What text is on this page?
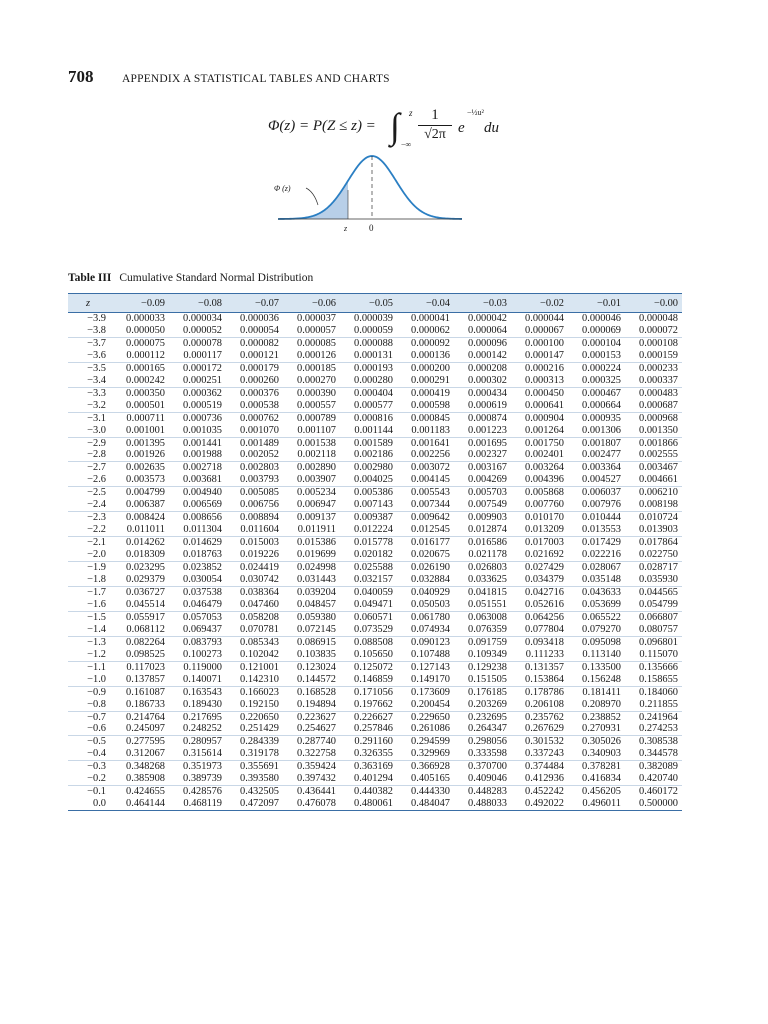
708	APPENDIX A STATISTICAL TABLES AND CHARTS
Φ(z) = P(Z ≤ z) = ∫ z
−∞
1
√2π e
−½u²
du
Φ (z)
z 0
Table III Cumulative Standard Normal Distribution
z	−0.09	−0.08	−0.07	−0.06	−0.05	−0.04	−0.03	−0.02	−0.01	−0.00
−3.9	0.000033	0.000034	0.000036	0.000037	0.000039	0.000041	0.000042	0.000044	0.000046	0.000048
−3.8	0.000050	0.000052	0.000054	0.000057	0.000059	0.000062	0.000064	0.000067	0.000069	0.000072
−3.7	0.000075	0.000078	0.000082	0.000085	0.000088	0.000092	0.000096	0.000100	0.000104	0.000108
−3.6	0.000112	0.000117	0.000121	0.000126	0.000131	0.000136	0.000142	0.000147	0.000153	0.000159
−3.5	0.000165	0.000172	0.000179	0.000185	0.000193	0.000200	0.000208	0.000216	0.000224	0.000233
−3.4	0.000242	0.000251	0.000260	0.000270	0.000280	0.000291	0.000302	0.000313	0.000325	0.000337
−3.3	0.000350	0.000362	0.000376	0.000390	0.000404	0.000419	0.000434	0.000450	0.000467	0.000483
−3.2	0.000501	0.000519	0.000538	0.000557	0.000577	0.000598	0.000619	0.000641	0.000664	0.000687
−3.1	0.000711	0.000736	0.000762	0.000789	0.000816	0.000845	0.000874	0.000904	0.000935	0.000968
−3.0	0.001001	0.001035	0.001070	0.001107	0.001144	0.001183	0.001223	0.001264	0.001306	0.001350
−2.9	0.001395	0.001441	0.001489	0.001538	0.001589	0.001641	0.001695	0.001750	0.001807	0.001866
−2.8	0.001926	0.001988	0.002052	0.002118	0.002186	0.002256	0.002327	0.002401	0.002477	0.002555
−2.7	0.002635	0.002718	0.002803	0.002890	0.002980	0.003072	0.003167	0.003264	0.003364	0.003467
−2.6	0.003573	0.003681	0.003793	0.003907	0.004025	0.004145	0.004269	0.004396	0.004527	0.004661
−2.5	0.004799	0.004940	0.005085	0.005234	0.005386	0.005543	0.005703	0.005868	0.006037	0.006210
−2.4	0.006387	0.006569	0.006756	0.006947	0.007143	0.007344	0.007549	0.007760	0.007976	0.008198
−2.3	0.008424	0.008656	0.008894	0.009137	0.009387	0.009642	0.009903	0.010170	0.010444	0.010724
−2.2	0.011011	0.011304	0.011604	0.011911	0.012224	0.012545	0.012874	0.013209	0.013553	0.013903
−2.1	0.014262	0.014629	0.015003	0.015386	0.015778	0.016177	0.016586	0.017003	0.017429	0.017864
−2.0	0.018309	0.018763	0.019226	0.019699	0.020182	0.020675	0.021178	0.021692	0.022216	0.022750
−1.9	0.023295	0.023852	0.024419	0.024998	0.025588	0.026190	0.026803	0.027429	0.028067	0.028717
−1.8	0.029379	0.030054	0.030742	0.031443	0.032157	0.032884	0.033625	0.034379	0.035148	0.035930
−1.7	0.036727	0.037538	0.038364	0.039204	0.040059	0.040929	0.041815	0.042716	0.043633	0.044565
−1.6	0.045514	0.046479	0.047460	0.048457	0.049471	0.050503	0.051551	0.052616	0.053699	0.054799
−1.5	0.055917	0.057053	0.058208	0.059380	0.060571	0.061780	0.063008	0.064256	0.065522	0.066807
−1.4	0.068112	0.069437	0.070781	0.072145	0.073529	0.074934	0.076359	0.077804	0.079270	0.080757
−1.3	0.082264	0.083793	0.085343	0.086915	0.088508	0.090123	0.091759	0.093418	0.095098	0.096801
−1.2	0.098525	0.100273	0.102042	0.103835	0.105650	0.107488	0.109349	0.111233	0.113140	0.115070
−1.1	0.117023	0.119000	0.121001	0.123024	0.125072	0.127143	0.129238	0.131357	0.133500	0.135666
−1.0	0.137857	0.140071	0.142310	0.144572	0.146859	0.149170	0.151505	0.153864	0.156248	0.158655
−0.9	0.161087	0.163543	0.166023	0.168528	0.171056	0.173609	0.176185	0.178786	0.181411	0.184060
−0.8	0.186733	0.189430	0.192150	0.194894	0.197662	0.200454	0.203269	0.206108	0.208970	0.211855
−0.7	0.214764	0.217695	0.220650	0.223627	0.226627	0.229650	0.232695	0.235762	0.238852	0.241964
−0.6	0.245097	0.248252	0.251429	0.254627	0.257846	0.261086	0.264347	0.267629	0.270931	0.274253
−0.5	0.277595	0.280957	0.284339	0.287740	0.291160	0.294599	0.298056	0.301532	0.305026	0.308538
−0.4	0.312067	0.315614	0.319178	0.322758	0.326355	0.329969	0.333598	0.337243	0.340903	0.344578
−0.3	0.348268	0.351973	0.355691	0.359424	0.363169	0.366928	0.370700	0.374484	0.378281	0.382089
−0.2	0.385908	0.389739	0.393580	0.397432	0.401294	0.405165	0.409046	0.412936	0.416834	0.420740
−0.1	0.424655	0.428576	0.432505	0.436441	0.440382	0.444330	0.448283	0.452242	0.456205	0.460172
0.0	0.464144	0.468119	0.472097	0.476078	0.480061	0.484047	0.488033	0.492022	0.496011	0.500000
